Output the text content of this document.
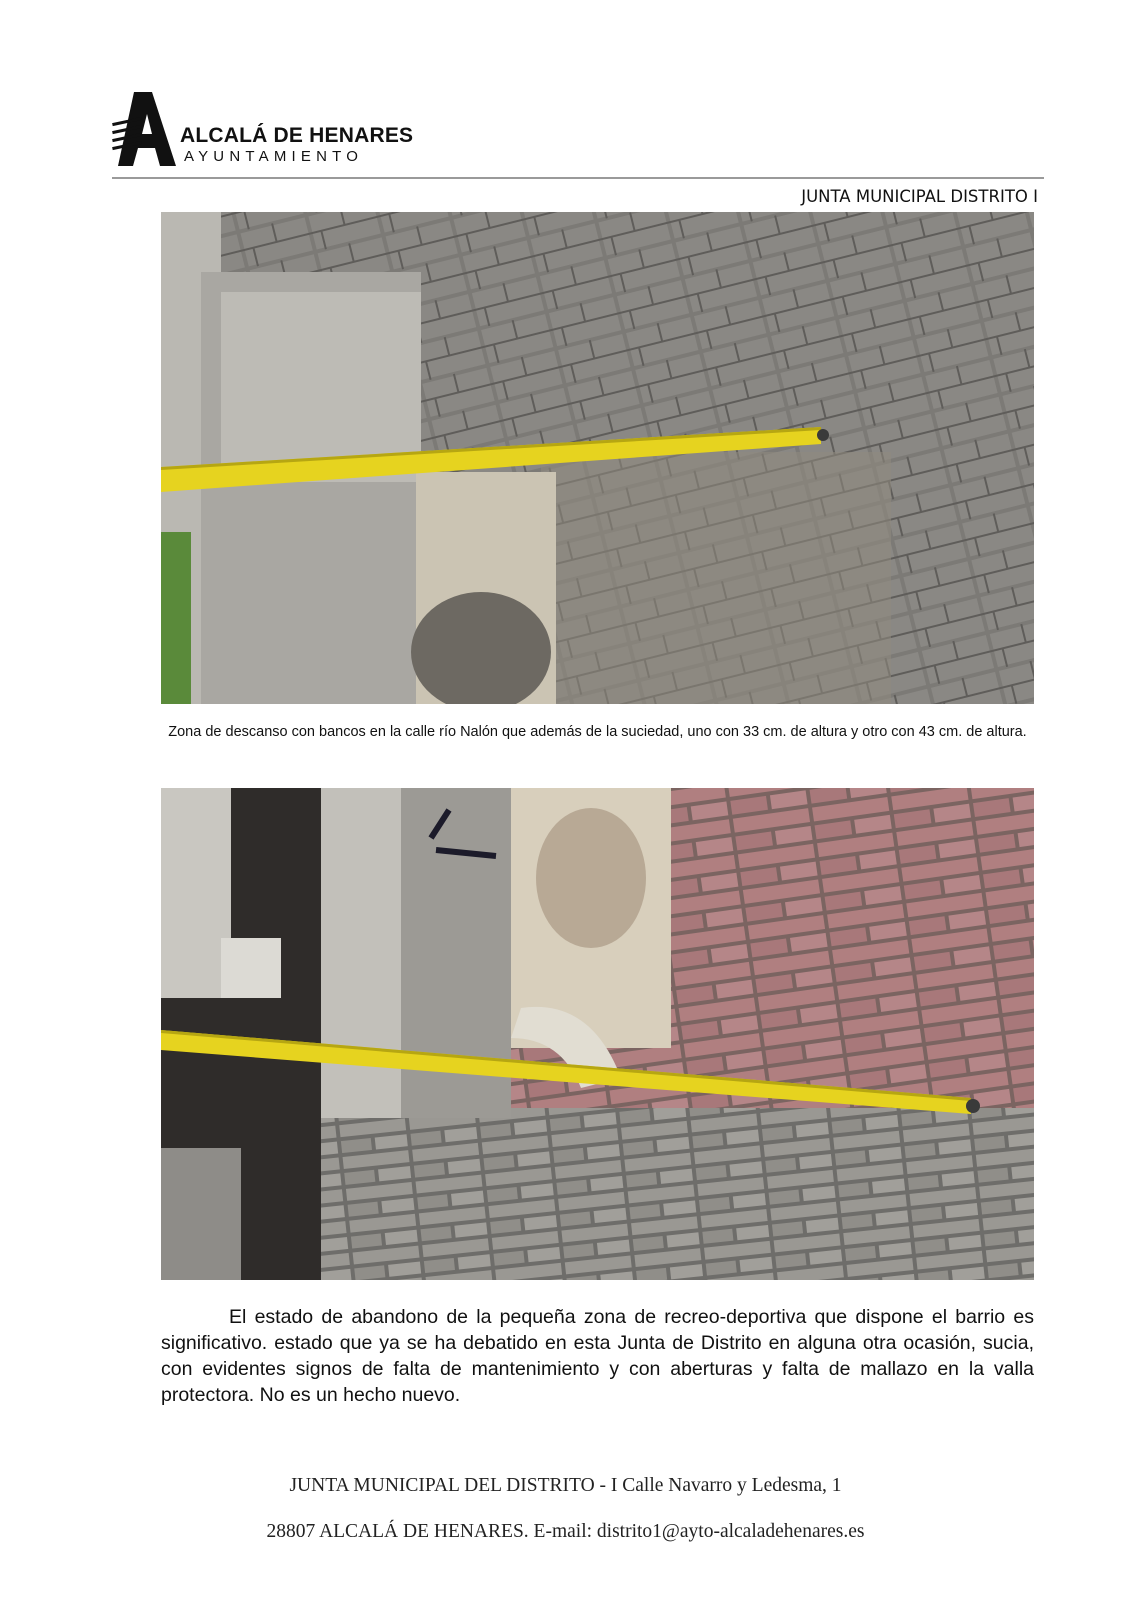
ALCALÁ DE HENARES
AYUNTAMIENTO
JUNTA MUNICIPAL DISTRITO I
Zona de descanso con bancos en la calle río Nalón que además de la suciedad, uno con 33 cm. de altura y otro con 43 cm. de altura.
El estado de abandono de la pequeña zona de recreo-deportiva que dispone el barrio es significativo. estado que ya se ha debatido en esta Junta de Distrito en alguna otra ocasión, sucia, con evidentes signos de falta de mantenimiento y con aberturas y falta de mallazo en la valla protectora. No es un hecho nuevo.
JUNTA MUNICIPAL DEL DISTRITO - I Calle Navarro y Ledesma, 1
28807 ALCALÁ DE HENARES. E-mail: distrito1@ayto-alcaladehenares.es
